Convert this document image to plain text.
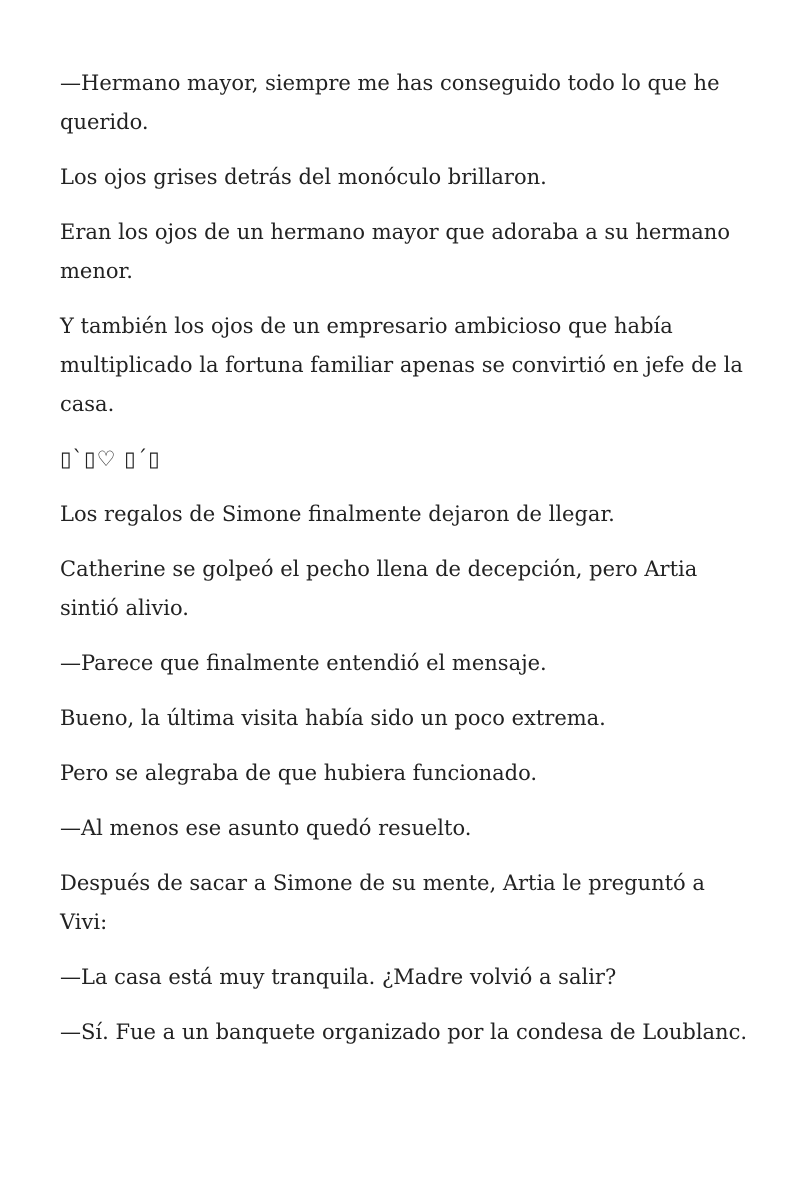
—Hermano mayor, siempre me has conseguido todo lo que he querido.

Los ojos grises detrás del monóculo brillaron.

Eran los ojos de un hermano mayor que adoraba a su hermano menor.

Y también los ojos de un empresario ambicioso que había multiplicado la fortuna familiar apenas se convirtió en jefe de la casa.

▯`▯♡ ▯´▯

Los regalos de Simone finalmente dejaron de llegar.

Catherine se golpeó el pecho llena de decepción, pero Artia sintió alivio.

—Parece que finalmente entendió el mensaje.

Bueno, la última visita había sido un poco extrema.

Pero se alegraba de que hubiera funcionado.

—Al menos ese asunto quedó resuelto.

Después de sacar a Simone de su mente, Artia le preguntó a Vivi:

—La casa está muy tranquila. ¿Madre volvió a salir?

—Sí. Fue a un banquete organizado por la condesa de Loublanc.
